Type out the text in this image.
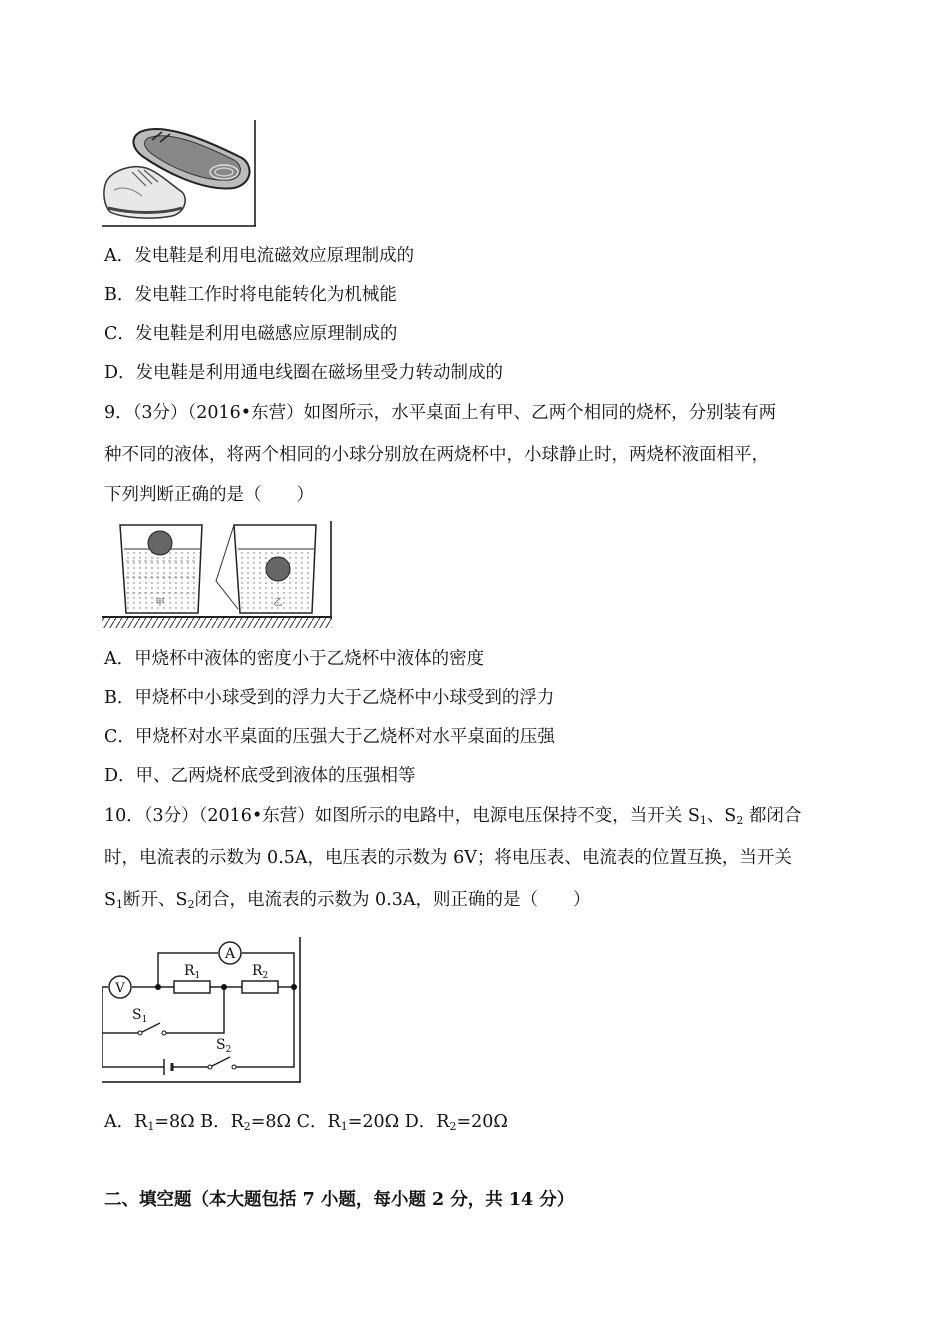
A．发电鞋是利用电流磁效应原理制成的
B．发电鞋工作时将电能转化为机械能
C．发电鞋是利用电磁感应原理制成的
D．发电鞋是利用通电线圈在磁场里受力转动制成的
9．（3分）（2016•东营）如图所示，水平桌面上有甲、乙两个相同的烧杯，分别装有两
种不同的液体，将两个相同的小球分别放在两烧杯中，小球静止时，两烧杯液面相平，
下列判断正确的是（　　）
甲	乙
A．甲烧杯中液体的密度小于乙烧杯中液体的密度
B．甲烧杯中小球受到的浮力大于乙烧杯中小球受到的浮力
C．甲烧杯对水平桌面的压强大于乙烧杯对水平桌面的压强
D．甲、乙两烧杯底受到液体的压强相等
10．（3分）（2016•东营）如图所示的电路中，电源电压保持不变，当开关 $S_1$、$S_2$ 都闭合
时，电流表的示数为 0.5A，电压表的示数为 6V；将电压表、电流表的位置互换，当开关
$S_1$断开、$S_2$闭合，电流表的示数为 0.3A，则正确的是（　　）
A
V
$R_1$	$R_2$
$S_1$
$S_2$
A．$R_1=8\Omega$ B．$R_2=8\Omega$ C．$R_1=20\Omega$ D．$R_2=20\Omega$
二、填空题（本大题包括 7 小题，每小题 2 分，共 14 分）
